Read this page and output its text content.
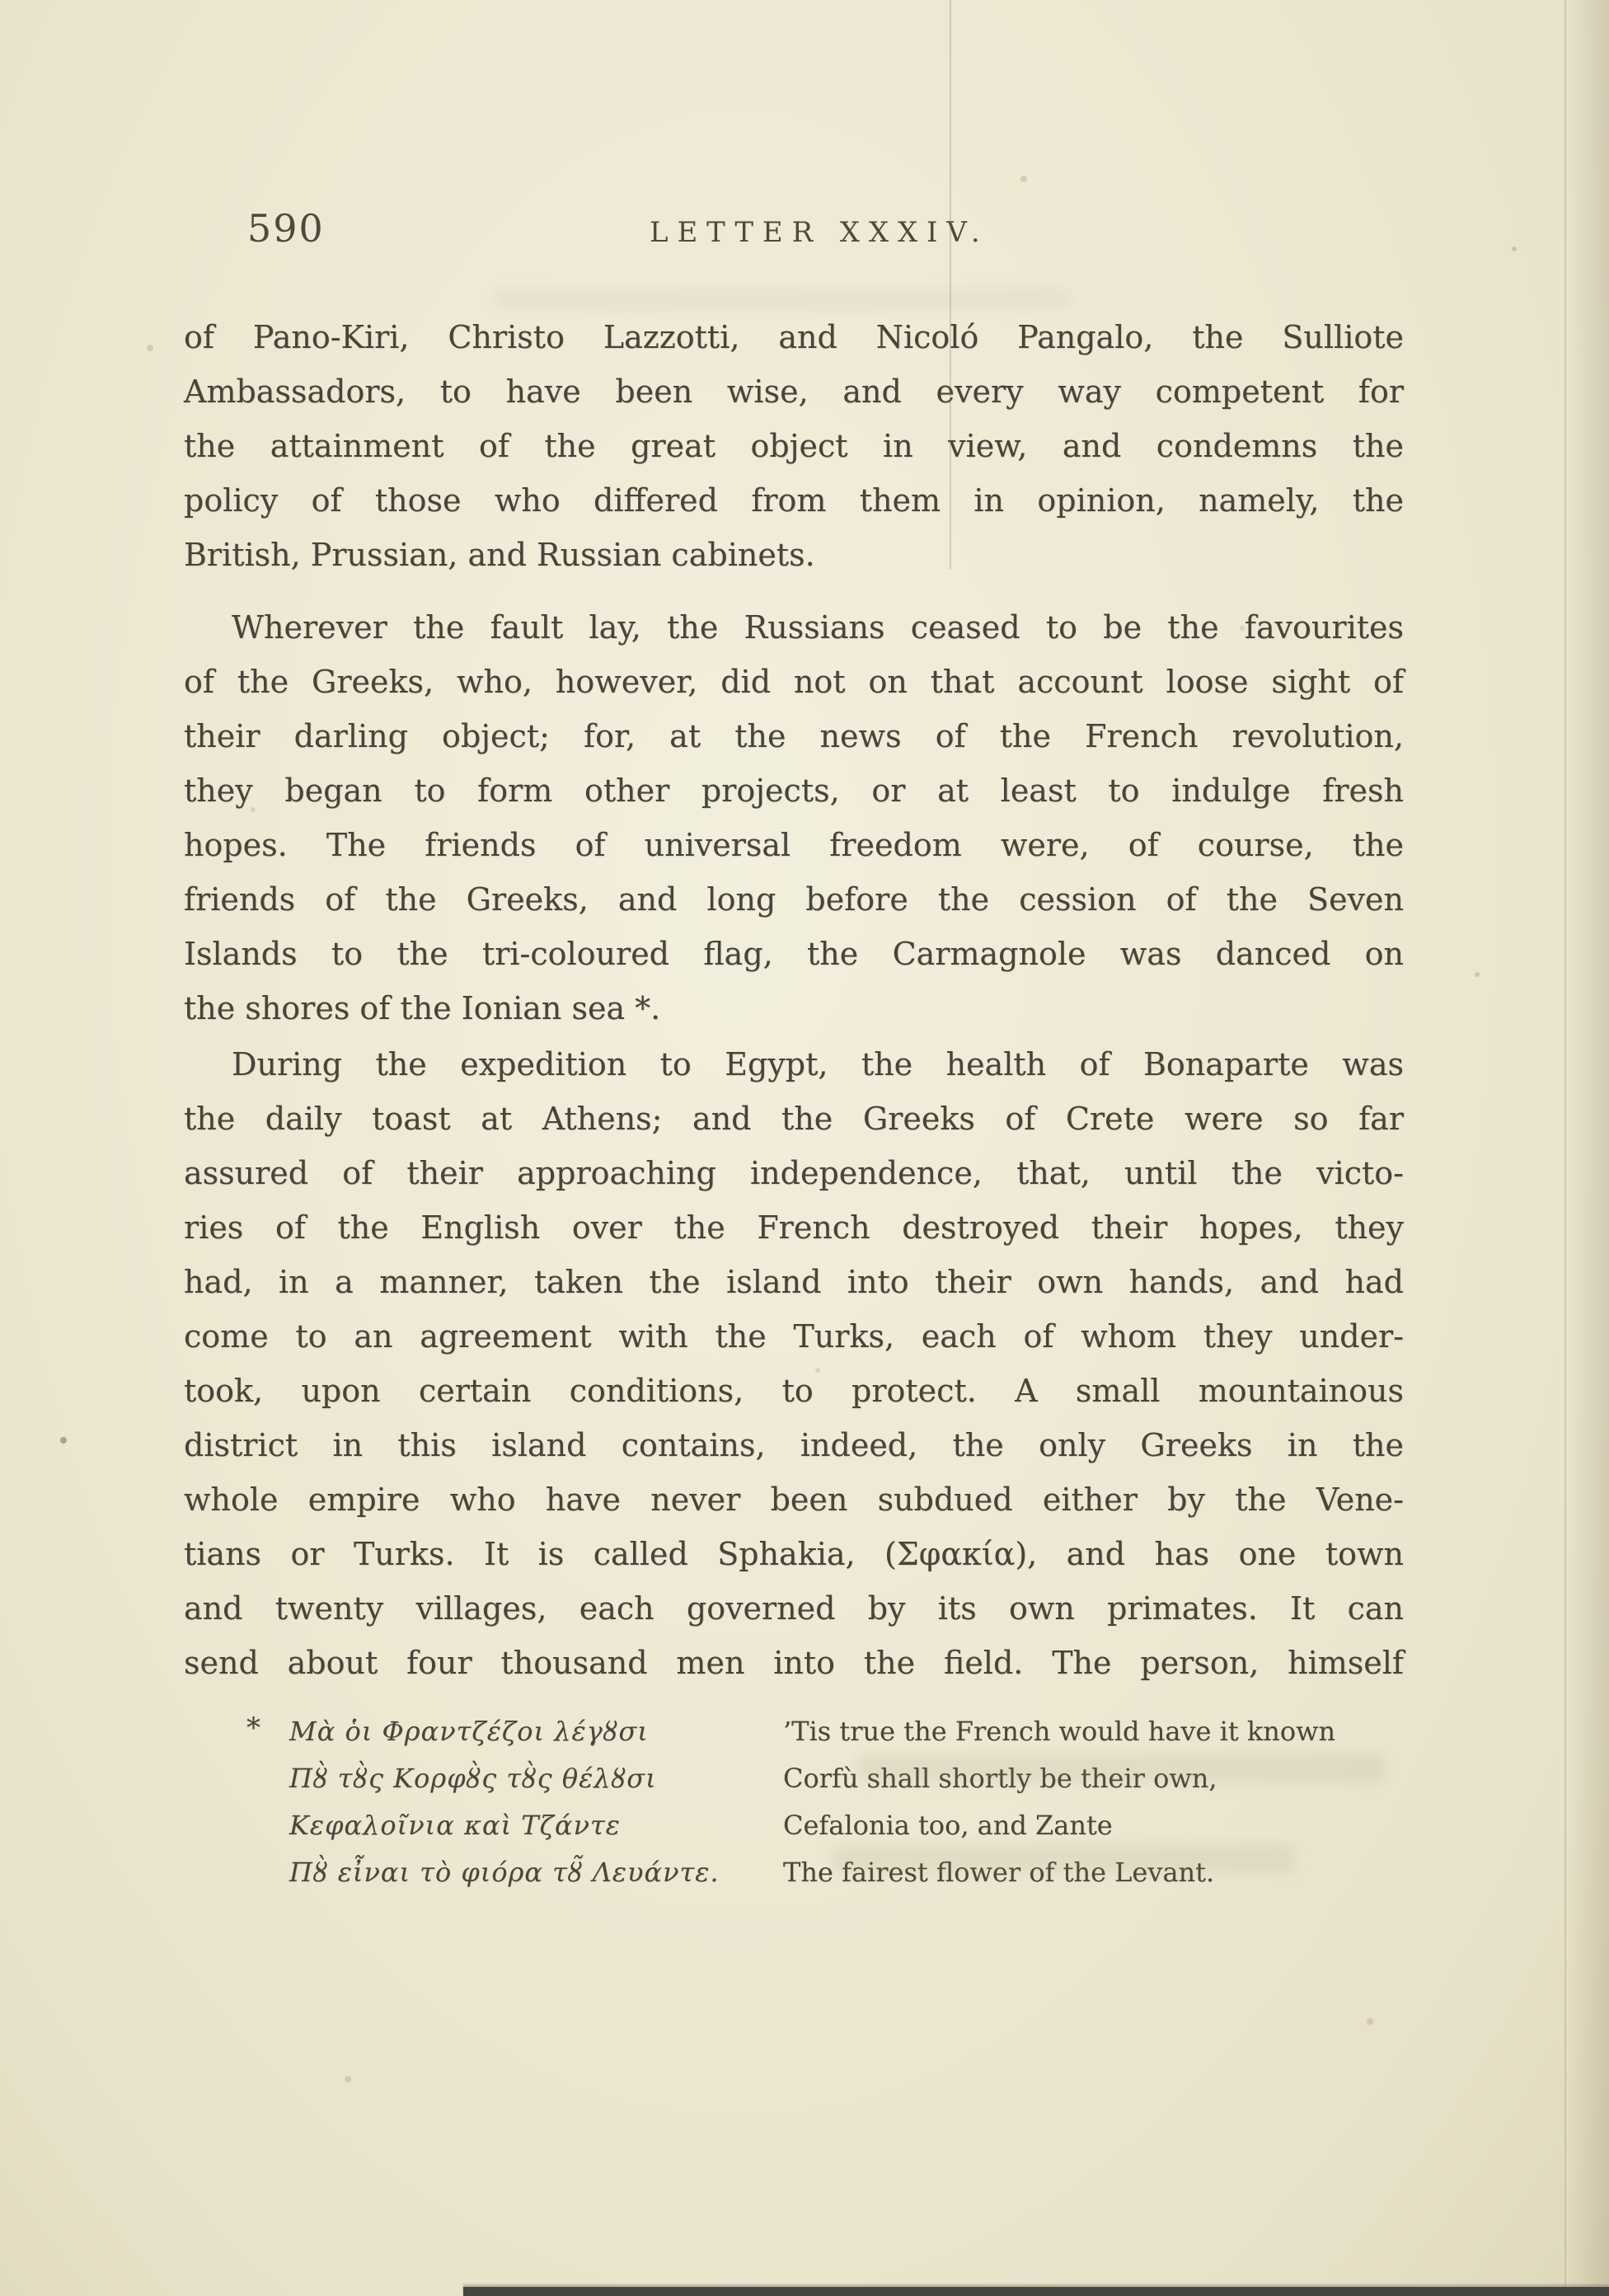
590	LETTER XXXIV.
of Pano-Kiri, Christo Lazzotti, and Nicoló Pangalo, the Sulliote
Ambassadors, to have been wise, and every way competent for
the attainment of the great object in view, and condemns the
policy of those who differed from them in opinion, namely, the
British, Prussian, and Russian cabinets.
Wherever the fault lay, the Russians ceased to be the favourites
of the Greeks, who, however, did not on that account loose sight of
their darling object; for, at the news of the French revolution,
they began to form other projects, or at least to indulge fresh
hopes. The friends of universal freedom were, of course, the
friends of the Greeks, and long before the cession of the Seven
Islands to the tri-coloured flag, the Carmagnole was danced on
the shores of the Ionian sea *.
During the expedition to Egypt, the health of Bonaparte was
the daily toast at Athens; and the Greeks of Crete were so far
assured of their approaching independence, that, until the victo-
ries of the English over the French destroyed their hopes, they
had, in a manner, taken the island into their own hands, and had
come to an agreement with the Turks, each of whom they under-
took, upon certain conditions, to protect. A small mountainous
district in this island contains, indeed, the only Greeks in the
whole empire who have never been subdued either by the Vene-
tians or Turks. It is called Sphakia, (Σφακία), and has one town
and twenty villages, each governed by its own primates. It can
send about four thousand men into the field. The person, himself
*	Μὰ ὁι Φραντζέζοι λέγȣσι	’Tis true the French would have it known
Πȣ̀ τȣ̀ς Κορφȣ̀ς τȣ̀ς θέλȣσι	Corfù shall shortly be their own,
Κεφαλοῖνια καὶ Τζάντε	Cefalonia too, and Zante
Πȣ̀ εἶναι τὸ φιόρα τȣ̃ Λευάντε.	The fairest flower of the Levant.
